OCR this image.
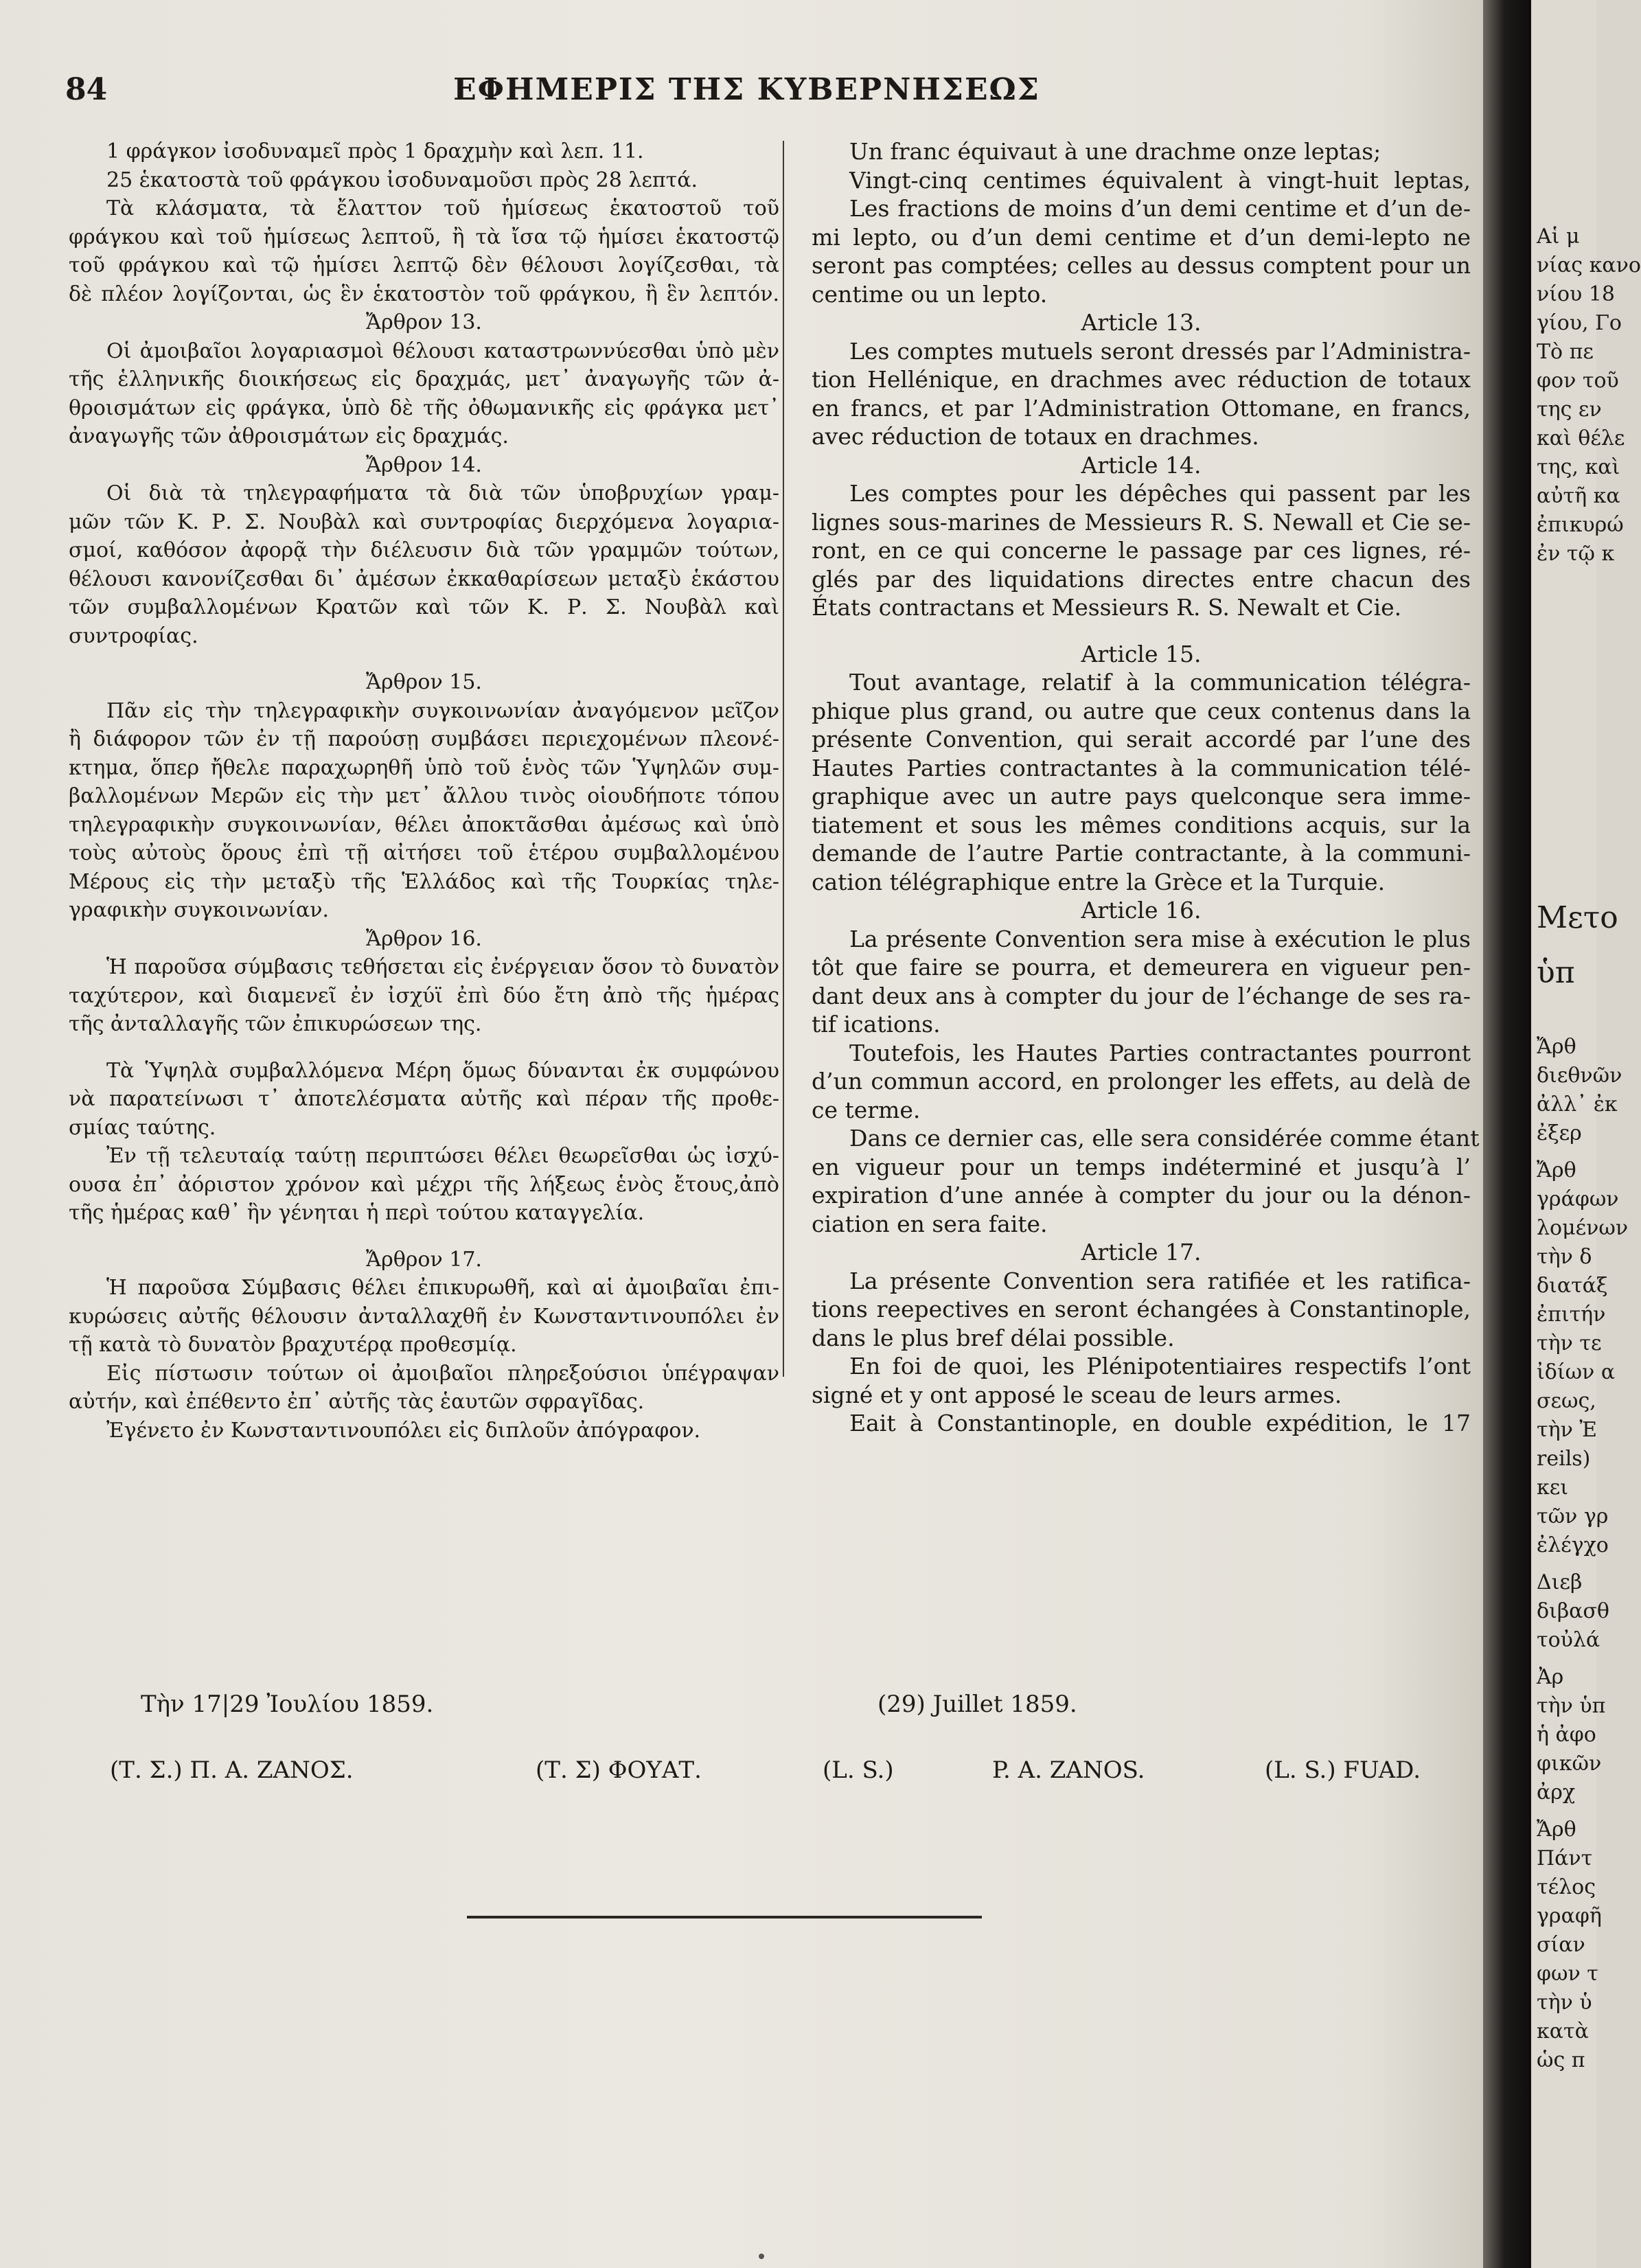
84	ΕΦΗΜΕΡΙΣ ΤΗΣ ΚΥΒΕΡΝΗΣΕΩΣ
1 φράγκον ἰσοδυναμεῖ πρὸς 1 δραχμὴν καὶ λεπ. 11.
25 ἑκατοστὰ τοῦ φράγκου ἰσοδυναμοῦσι πρὸς 28 λεπτά.
Τὰ κλάσματα, τὰ ἔλαττον τοῦ ἡμίσεως ἑκατοστοῦ τοῦ
φράγκου καὶ τοῦ ἡμίσεως λεπτοῦ, ἢ τὰ ἴσα τῷ ἡμίσει ἑκατοστῷ
τοῦ φράγκου καὶ τῷ ἡμίσει λεπτῷ δὲν θέλουσι λογίζεσθαι, τὰ
δὲ πλέον λογίζονται, ὡς ἓν ἑκατοστὸν τοῦ φράγκου, ἢ ἓν λεπτόν.
Ἄρθρον 13.
Οἱ ἀμοιβαῖοι λογαριασμοὶ θέλουσι καταστρωννύεσθαι ὑπὸ μὲν
τῆς ἑλληνικῆς διοικήσεως εἰς δραχμάς, μετ᾽ ἀναγωγῆς τῶν ἀ-
θροισμάτων εἰς φράγκα, ὑπὸ δὲ τῆς ὀθωμανικῆς εἰς φράγκα μετ᾽
ἀναγωγῆς τῶν ἀθροισμάτων εἰς δραχμάς.
Ἄρθρον 14.
Οἱ διὰ τὰ τηλεγραφήματα τὰ διὰ τῶν ὑποβρυχίων γραμ-
μῶν τῶν Κ. Ρ. Σ. Νουβὰλ καὶ συντροφίας διερχόμενα λογαρια-
σμοί, καθόσον ἀφορᾷ τὴν διέλευσιν διὰ τῶν γραμμῶν τούτων,
θέλουσι κανονίζεσθαι δι᾽ ἀμέσων ἐκκαθαρίσεων μεταξὺ ἑκάστου
τῶν συμβαλλομένων Κρατῶν καὶ τῶν Κ. Ρ. Σ. Νουβὰλ καὶ
συντροφίας.
Ἄρθρον 15.
Πᾶν εἰς τὴν τηλεγραφικὴν συγκοινωνίαν ἀναγόμενον μεῖζον
ἢ διάφορον τῶν ἐν τῇ παρούσῃ συμβάσει περιεχομένων πλεονέ-
κτημα, ὅπερ ἤθελε παραχωρηθῆ ὑπὸ τοῦ ἑνὸς τῶν Ὑψηλῶν συμ-
βαλλομένων Μερῶν εἰς τὴν μετ᾽ ἄλλου τινὸς οἱουδήποτε τόπου
τηλεγραφικὴν συγκοινωνίαν, θέλει ἀποκτᾶσθαι ἀμέσως καὶ ὑπὸ
τοὺς αὐτοὺς ὅρους ἐπὶ τῇ αἰτήσει τοῦ ἑτέρου συμβαλλομένου
Μέρους εἰς τὴν μεταξὺ τῆς Ἑλλάδος καὶ τῆς Τουρκίας τηλε-
γραφικὴν συγκοινωνίαν.
Ἄρθρον 16.
Ἡ παροῦσα σύμβασις τεθήσεται εἰς ἐνέργειαν ὅσον τὸ δυνατὸν
ταχύτερον, καὶ διαμενεῖ ἐν ἰσχύϊ ἐπὶ δύο ἔτη ἀπὸ τῆς ἡμέρας
τῆς ἀνταλλαγῆς τῶν ἐπικυρώσεων της.
Τὰ Ὑψηλὰ συμβαλλόμενα Μέρη ὅμως δύνανται ἐκ συμφώνου
νὰ παρατείνωσι τ᾽ ἀποτελέσματα αὐτῆς καὶ πέραν τῆς προθε-
σμίας ταύτης.
Ἐν τῇ τελευταίᾳ ταύτῃ περιπτώσει θέλει θεωρεῖσθαι ὡς ἰσχύ-
ουσα ἐπ᾽ ἀόριστον χρόνον καὶ μέχρι τῆς λήξεως ἑνὸς ἔτους,ἀπὸ
τῆς ἡμέρας καθ᾽ ἣν γένηται ἡ περὶ τούτου καταγγελία.
Ἄρθρον 17.
Ἡ παροῦσα Σύμβασις θέλει ἐπικυρωθῆ, καὶ αἱ ἀμοιβαῖαι ἐπι-
κυρώσεις αὐτῆς θέλουσιν ἀνταλλαχθῆ ἐν Κωνσταντινουπόλει ἐν
τῇ κατὰ τὸ δυνατὸν βραχυτέρᾳ προθεσμίᾳ.
Εἰς πίστωσιν τούτων οἱ ἀμοιβαῖοι πληρεξούσιοι ὑπέγραψαν
αὐτήν, καὶ ἐπέθεντο ἐπ᾽ αὐτῆς τὰς ἑαυτῶν σφραγῖδας.
Ἐγένετο ἐν Κωνσταντινουπόλει εἰς διπλοῦν ἀπόγραφον.
Un franc équivaut à une drachme onze leptas;
Vingt-cinq centimes équivalent à vingt-huit leptas,
Les fractions de moins d’un demi centime et d’un de-
mi lepto, ou d’un demi centime et d’un demi-lepto ne
seront pas comptées; celles au dessus comptent pour un
centime ou un lepto.
Article 13.
Les comptes mutuels seront dressés par l’Administra-
tion Hellénique, en drachmes avec réduction de totaux
en francs, et par l’Administration Ottomane, en francs,
avec réduction de totaux en drachmes.
Article 14.
Les comptes pour les dépêches qui passent par les
lignes sous-marines de Messieurs R. S. Newall et Cie se-
ront, en ce qui concerne le passage par ces lignes, ré-
glés par des liquidations directes entre chacun des
États contractans et Messieurs R. S. Newalt et Cie.
Article 15.
Tout avantage, relatif à la communication télégra-
phique plus grand, ou autre que ceux contenus dans la
présente Convention, qui serait accordé par l’une des
Hautes Parties contractantes à la communication télé-
graphique avec un autre pays quelconque sera imme-
tiatement et sous les mêmes conditions acquis, sur la
demande de l’autre Partie contractante, à la communi-
cation télégraphique entre la Grèce et la Turquie.
Article 16.
La présente Convention sera mise à exécution le plus
tôt que faire se pourra, et demeurera en vigueur pen-
dant deux ans à compter du jour de l’échange de ses ra-
tif ications.
Toutefois, les Hautes Parties contractantes pourront
d’un commun accord, en prolonger les effets, au delà de
ce terme.
Dans ce dernier cas, elle sera considérée comme étant
en vigueur pour un temps indéterminé et jusqu’à l’
expiration d’une année à compter du jour ou la dénon-
ciation en sera faite.
Article 17.
La présente Convention sera ratifiée et les ratifica-
tions reepectives en seront échangées à Constantinople,
dans le plus bref délai possible.
En foi de quoi, les Plénipotentiaires respectifs l’ont
signé et y ont apposé le sceau de leurs armes.
Eait à Constantinople, en double expédition, le 17
Τὴν 17|29 Ἰουλίου 1859.	(29) Juillet 1859.
(Τ. Σ.) Π. Α. ΖΑΝΟΣ.	(Τ. Σ) ΦΟΥΑΤ.	(L. S.)	P. A. ZANOS.	(L. S.) FUAD.
Αἱ μ
νίας κανο
νίου 18
γίου, Γο
Τὸ πε
φον τοῦ
της εν
καὶ θέλε
της, καὶ
αὐτῆ κα
ἐπικυρώ
ἐν τῷ κ
Μετο
ὑπ
Ἄρθ
διεθνῶν
ἀλλ᾽ ἐκ
ἐξερ
Ἄρθ
γράφων
λομένων
τὴν δ
διατάξ
ἐπιτήν
τὴν τε
ἰδίων α
σεως,
τὴν Ἐ
reils)
κει
τῶν γρ
ἐλέγχο
Διεβ
διβασθ
τοὐλά
Ἀρ
τὴν ὑπ
ἡ ἀφο
φικῶν
ἀρχ
Ἄρθ
Πάντ
τέλος
γραφῆ
σίαν
φων τ
τὴν ὑ
κατὰ
ὡς π
